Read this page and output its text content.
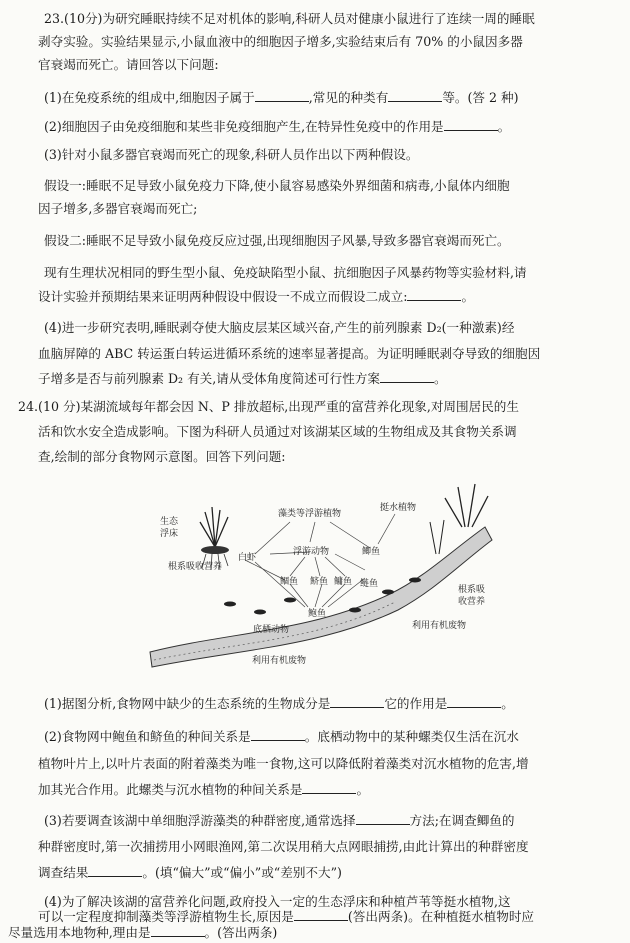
23.(10分)为研究睡眠持续不足对机体的影响,科研人员对健康小鼠进行了连续一周的睡眠
剥夺实验。实验结果显示,小鼠血液中的细胞因子增多,实验结束后有 70% 的小鼠因多器
官衰竭而死亡。请回答以下问题:
(1)在免疫系统的组成中,细胞因子属于	,常见的种类有	等。(答 2 种)
(2)细胞因子由免疫细胞和某些非免疫细胞产生,在特异性免疫中的作用是	。
(3)针对小鼠多器官衰竭而死亡的现象,科研人员作出以下两种假设。
假设一:睡眠不足导致小鼠免疫力下降,使小鼠容易感染外界细菌和病毒,小鼠体内细胞
因子增多,多器官衰竭而死亡;
假设二:睡眠不足导致小鼠免疫反应过强,出现细胞因子风暴,导致多器官衰竭而死亡。
现有生理状况相同的野生型小鼠、免疫缺陷型小鼠、抗细胞因子风暴药物等实验材料,请
设计实验并预期结果来证明两种假设中假设一不成立而假设二成立:	。
(4)进一步研究表明,睡眠剥夺使大脑皮层某区域兴奋,产生的前列腺素 D₂(一种激素)经
血脑屏障的 ABC 转运蛋白转运进循环系统的速率显著提高。为证明睡眠剥夺导致的细胞因
子增多是否与前列腺素 D₂ 有关,请从受体角度简述可行性方案	。
24.(10 分)某湖流域每年都会因 N、P 排放超标,出现严重的富营养化现象,对周围居民的生
活和饮水安全造成影响。下图为科研人员通过对该湖某区域的生物组成及其食物关系调
查,绘制的部分食物网示意图。回答下列问题:
生态
浮床
根系吸收营养
藻类等浮游植物
挺水植物
浮游动物
白虾
鲫鱼
鲴鱼 鲚鱼	鲢鱼
鳙鱼
鲍鱼
根系吸
收营养
底栖动物	利用有机废物
利用有机废物
(1)据图分析,食物网中缺少的生态系统的生物成分是	它的作用是	。
(2)食物网中鲍鱼和鲚鱼的种间关系是	。底栖动物中的某种螺类仅生活在沉水
植物叶片上,以叶片表面的附着藻类为唯一食物,这可以降低附着藻类对沉水植物的危害,增
加其光合作用。此螺类与沉水植物的种间关系是	。
(3)若要调查该湖中单细胞浮游藻类的种群密度,通常选择	方法;在调查鲫鱼的
种群密度时,第一次捕捞用小网眼渔网,第二次误用稍大点网眼捕捞,由此计算出的种群密度
调查结果	。(填“偏大”或“偏小”或“差别不大”)
(4)为了解决该湖的富营养化问题,政府投入一定的生态浮床和种植芦苇等挺水植物,这
可以一定程度抑制藻类等浮游植物生长,原因是	(答出两条)。在种植挺水植物时应
尽量选用本地物种,理由是	。(答出两条)
